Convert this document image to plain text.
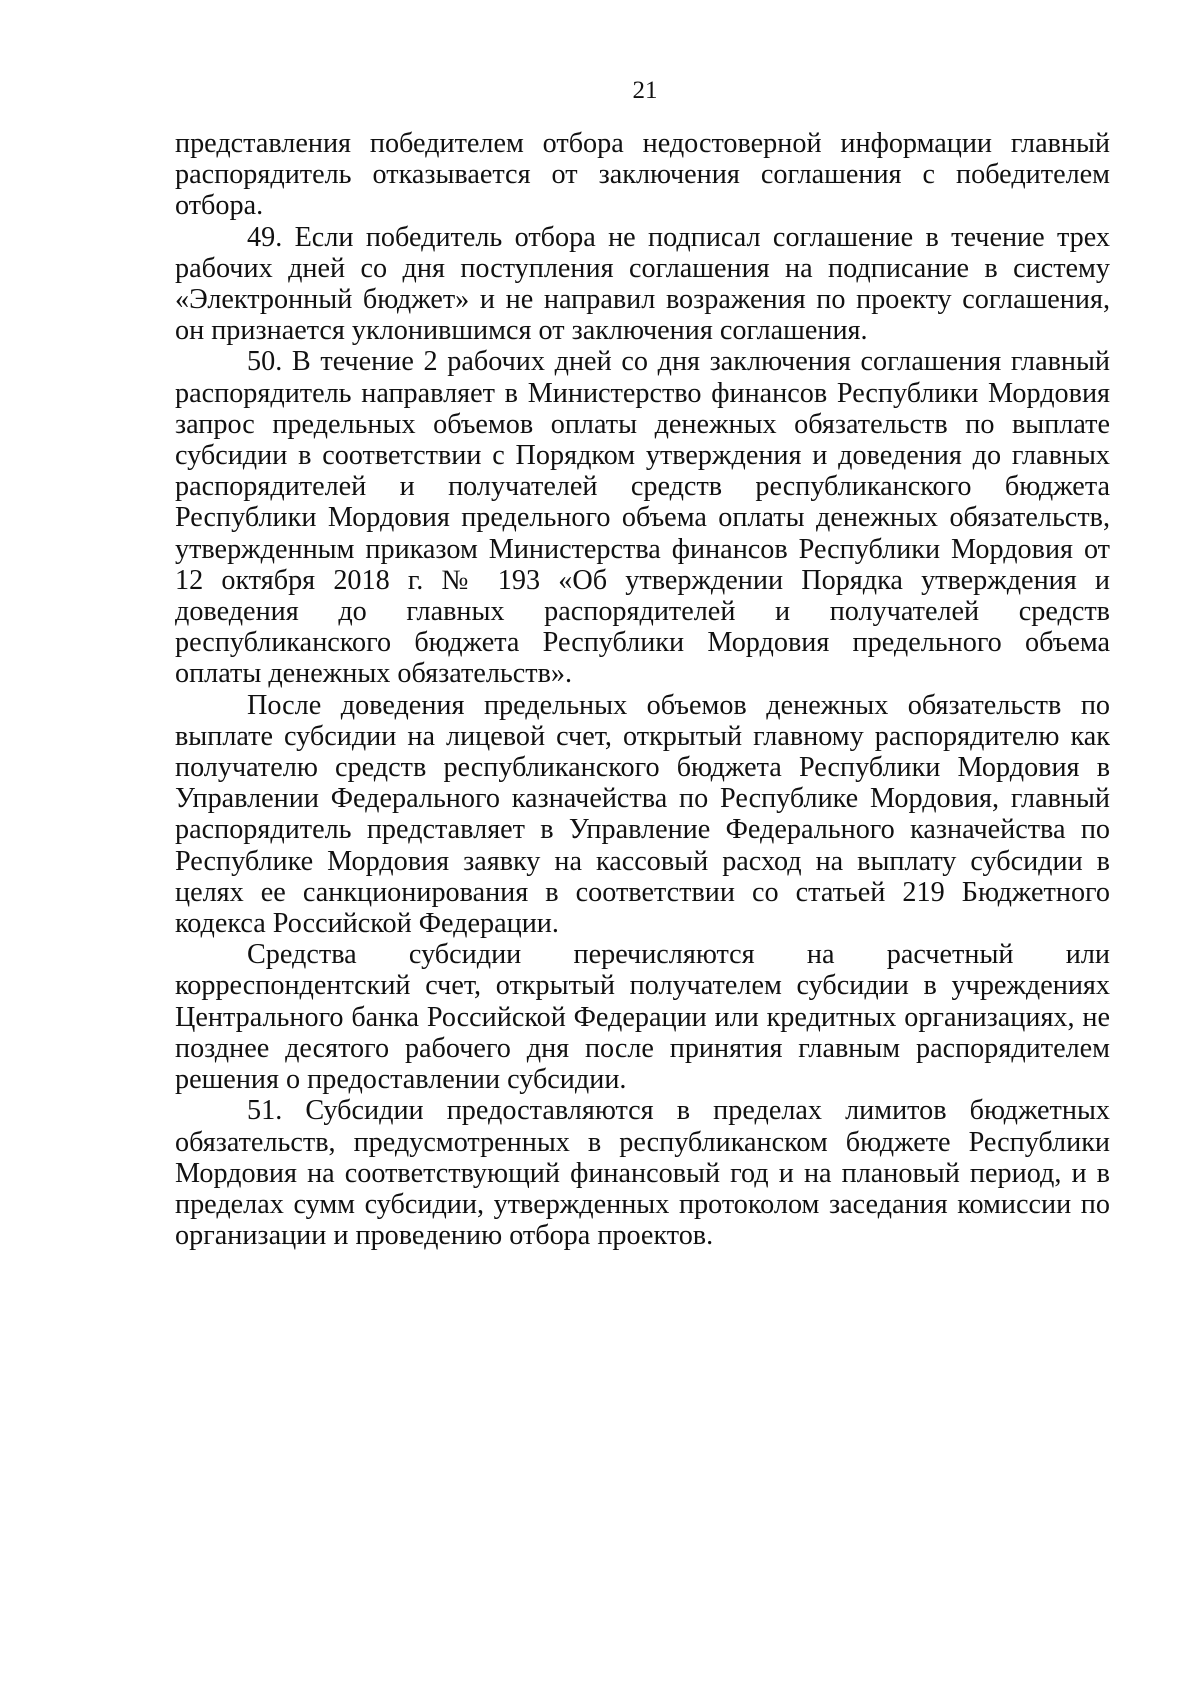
21

представления победителем отбора недостоверной информации главный распорядитель отказывается от заключения соглашения с победителем отбора.

49. Если победитель отбора не подписал соглашение в течение трех рабочих дней со дня поступления соглашения на подписание в систему «Электронный бюджет» и не направил возражения по проекту соглашения, он признается уклонившимся от заключения соглашения.

50. В течение 2 рабочих дней со дня заключения соглашения главный распорядитель направляет в Министерство финансов Республики Мордовия запрос предельных объемов оплаты денежных обязательств по выплате субсидии в соответствии с Порядком утверждения и доведения до главных распорядителей и получателей средств республиканского бюджета Республики Мордовия предельного объема оплаты денежных обязательств, утвержденным приказом Министерства финансов Республики Мордовия от 12 октября 2018 г. № 193 «Об утверждении Порядка утверждения и доведения до главных распорядителей и получателей средств республиканского бюджета Республики Мордовия предельного объема оплаты денежных обязательств».

После доведения предельных объемов денежных обязательств по выплате субсидии на лицевой счет, открытый главному распорядителю как получателю средств республиканского бюджета Республики Мордовия в Управлении Федерального казначейства по Республике Мордовия, главный распорядитель представляет в Управление Федерального казначейства по Республике Мордовия заявку на кассовый расход на выплату субсидии в целях ее санкционирования в соответствии со статьей 219 Бюджетного кодекса Российской Федерации.

Средства субсидии перечисляются на расчетный или корреспондентский счет, открытый получателем субсидии в учреждениях Центрального банка Российской Федерации или кредитных организациях, не позднее десятого рабочего дня после принятия главным распорядителем решения о предоставлении субсидии.

51. Субсидии предоставляются в пределах лимитов бюджетных обязательств, предусмотренных в республиканском бюджете Республики Мордовия на соответствующий финансовый год и на плановый период, и в пределах сумм субсидии, утвержденных протоколом заседания комиссии по организации и проведению отбора проектов.
